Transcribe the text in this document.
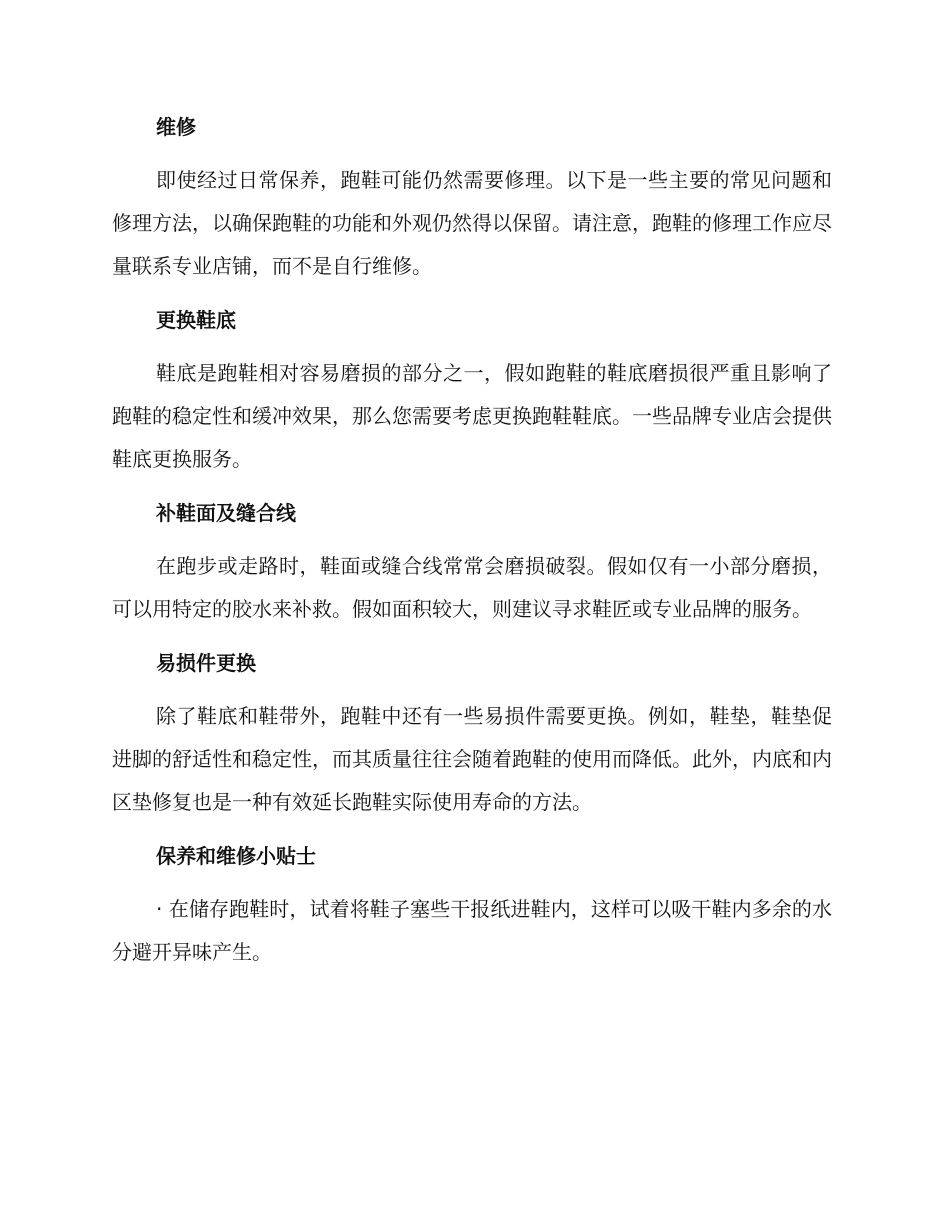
维修

即使经过日常保养，跑鞋可能仍然需要修理。以下是一些主要的常见问题和修理方法，以确保跑鞋的功能和外观仍然得以保留。请注意，跑鞋的修理工作应尽量联系专业店铺，而不是自行维修。

更换鞋底

鞋底是跑鞋相对容易磨损的部分之一，假如跑鞋的鞋底磨损很严重且影响了跑鞋的稳定性和缓冲效果，那么您需要考虑更换跑鞋鞋底。一些品牌专业店会提供鞋底更换服务。

补鞋面及缝合线

在跑步或走路时，鞋面或缝合线常常会磨损破裂。假如仅有一小部分磨损，可以用特定的胶水来补救。假如面积较大，则建议寻求鞋匠或专业品牌的服务。

易损件更换

除了鞋底和鞋带外，跑鞋中还有一些易损件需要更换。例如，鞋垫，鞋垫促进脚的舒适性和稳定性，而其质量往往会随着跑鞋的使用而降低。此外，内底和内区垫修复也是一种有效延长跑鞋实际使用寿命的方法。

保养和维修小贴士

· 在储存跑鞋时，试着将鞋子塞些干报纸进鞋内，这样可以吸干鞋内多余的水分避开异味产生。
